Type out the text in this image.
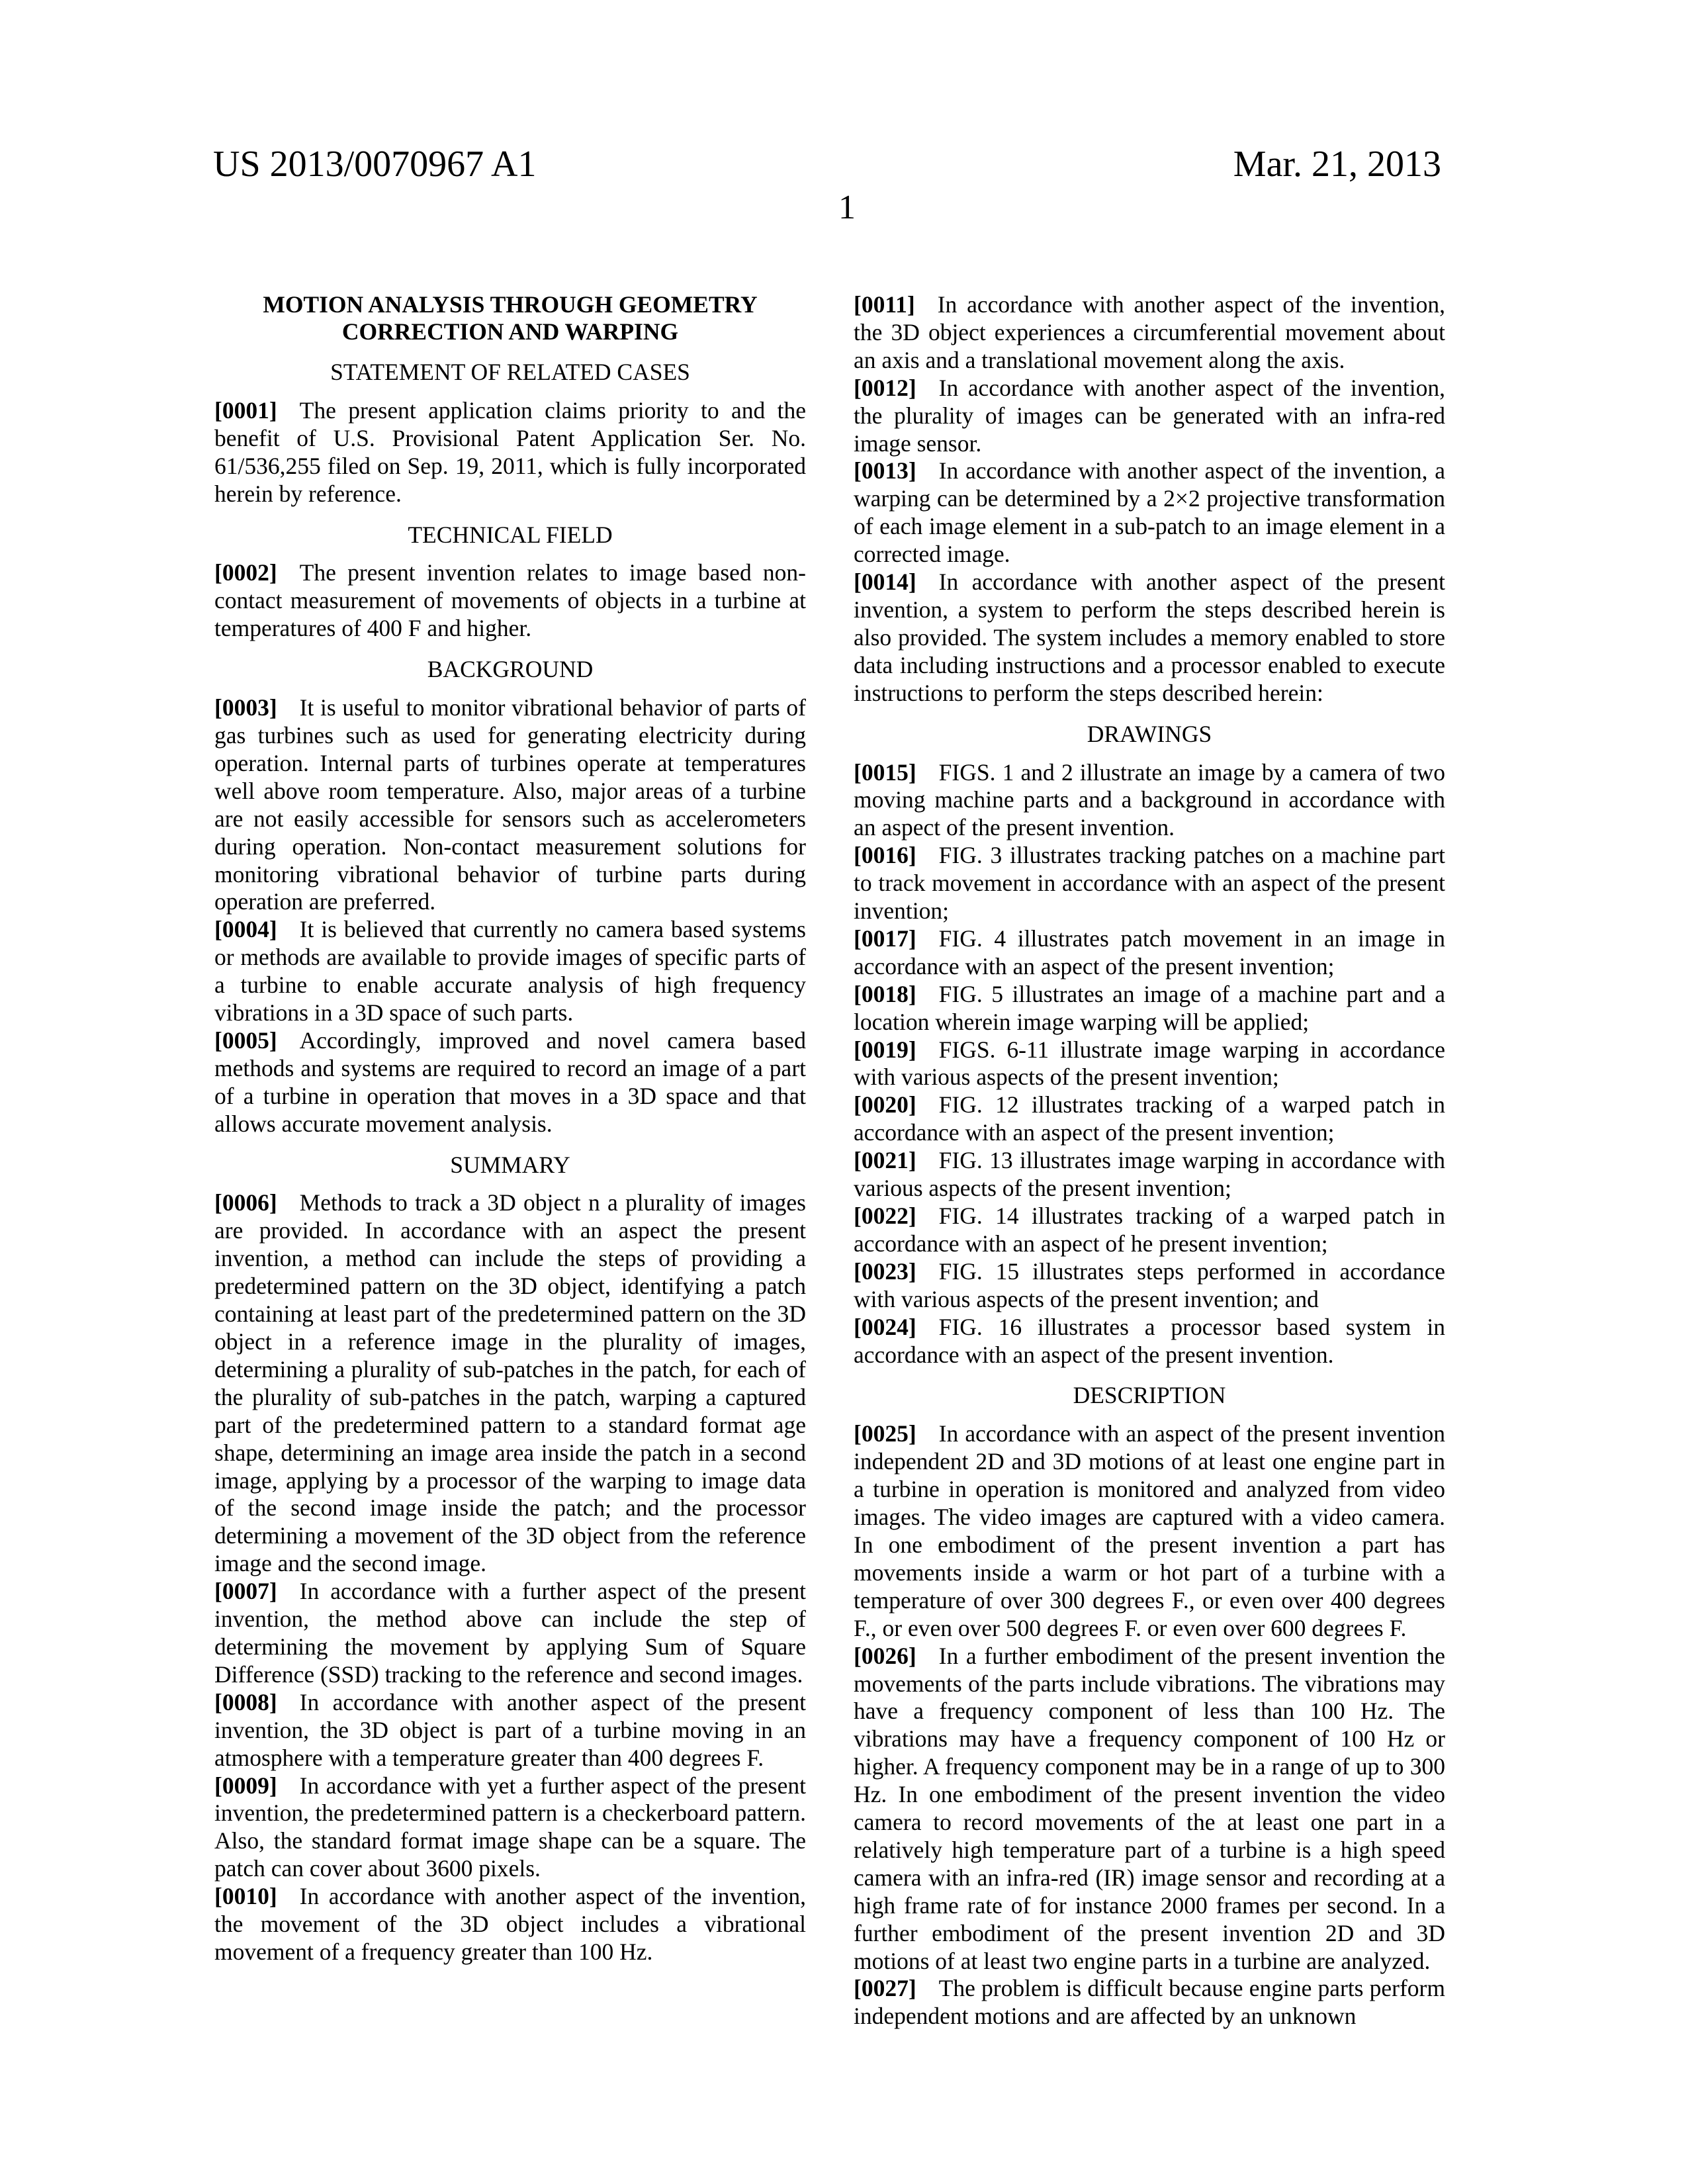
US 2013/0070967 A1	Mar. 21, 2013
1
MOTION ANALYSIS THROUGH GEOMETRY CORRECTION AND WARPING
STATEMENT OF RELATED CASES

[0001] The present application claims priority to and the benefit of U.S. Provisional Patent Application Ser. No. 61/536,255 filed on Sep. 19, 2011, which is fully incorporated herein by reference.

TECHNICAL FIELD

[0002] The present invention relates to image based non-contact measurement of movements of objects in a turbine at temperatures of 400 F and higher.

BACKGROUND

[0003] It is useful to monitor vibrational behavior of parts of gas turbines such as used for generating electricity during operation. Internal parts of turbines operate at temperatures well above room temperature. Also, major areas of a turbine are not easily accessible for sensors such as accelerometers during operation. Non-contact measurement solutions for monitoring vibrational behavior of turbine parts during operation are preferred.

[0004] It is believed that currently no camera based systems or methods are available to provide images of specific parts of a turbine to enable accurate analysis of high frequency vibrations in a 3D space of such parts.

[0005] Accordingly, improved and novel camera based methods and systems are required to record an image of a part of a turbine in operation that moves in a 3D space and that allows accurate movement analysis.

SUMMARY

[0006] Methods to track a 3D object n a plurality of images are provided. In accordance with an aspect the present invention, a method can include the steps of providing a predetermined pattern on the 3D object, identifying a patch containing at least part of the predetermined pattern on the 3D object in a reference image in the plurality of images, determining a plurality of sub-patches in the patch, for each of the plurality of sub-patches in the patch, warping a captured part of the predetermined pattern to a standard format age shape, determining an image area inside the patch in a second image, applying by a processor of the warping to image data of the second image inside the patch; and the processor determining a movement of the 3D object from the reference image and the second image.

[0007] In accordance with a further aspect of the present invention, the method above can include the step of determining the movement by applying Sum of Square Difference (SSD) tracking to the reference and second images.

[0008] In accordance with another aspect of the present invention, the 3D object is part of a turbine moving in an atmosphere with a temperature greater than 400 degrees F.

[0009] In accordance with yet a further aspect of the present invention, the predetermined pattern is a checkerboard pattern. Also, the standard format image shape can be a square. The patch can cover about 3600 pixels.

[0010] In accordance with another aspect of the invention, the movement of the 3D object includes a vibrational movement of a frequency greater than 100 Hz.

[0011] In accordance with another aspect of the invention, the 3D object experiences a circumferential movement about an axis and a translational movement along the axis.

[0012] In accordance with another aspect of the invention, the plurality of images can be generated with an infra-red image sensor.

[0013] In accordance with another aspect of the invention, a warping can be determined by a 2×2 projective transformation of each image element in a sub-patch to an image element in a corrected image.

[0014] In accordance with another aspect of the present invention, a system to perform the steps described herein is also provided. The system includes a memory enabled to store data including instructions and a processor enabled to execute instructions to perform the steps described herein:

DRAWINGS

[0015] FIGS. 1 and 2 illustrate an image by a camera of two moving machine parts and a background in accordance with an aspect of the present invention.

[0016] FIG. 3 illustrates tracking patches on a machine part to track movement in accordance with an aspect of the present invention;

[0017] FIG. 4 illustrates patch movement in an image in accordance with an aspect of the present invention;

[0018] FIG. 5 illustrates an image of a machine part and a location wherein image warping will be applied;

[0019] FIGS. 6-11 illustrate image warping in accordance with various aspects of the present invention;

[0020] FIG. 12 illustrates tracking of a warped patch in accordance with an aspect of the present invention;

[0021] FIG. 13 illustrates image warping in accordance with various aspects of the present invention;

[0022] FIG. 14 illustrates tracking of a warped patch in accordance with an aspect of he present invention;

[0023] FIG. 15 illustrates steps performed in accordance with various aspects of the present invention; and

[0024] FIG. 16 illustrates a processor based system in accordance with an aspect of the present invention.

DESCRIPTION

[0025] In accordance with an aspect of the present invention independent 2D and 3D motions of at least one engine part in a turbine in operation is monitored and analyzed from video images. The video images are captured with a video camera. In one embodiment of the present invention a part has movements inside a warm or hot part of a turbine with a temperature of over 300 degrees F., or even over 400 degrees F., or even over 500 degrees F. or even over 600 degrees F.

[0026] In a further embodiment of the present invention the movements of the parts include vibrations. The vibrations may have a frequency component of less than 100 Hz. The vibrations may have a frequency component of 100 Hz or higher. A frequency component may be in a range of up to 300 Hz. In one embodiment of the present invention the video camera to record movements of the at least one part in a relatively high temperature part of a turbine is a high speed camera with an infra-red (IR) image sensor and recording at a high frame rate of for instance 2000 frames per second. In a further embodiment of the present invention 2D and 3D motions of at least two engine parts in a turbine are analyzed.

[0027] The problem is difficult because engine parts perform independent motions and are affected by an unknown
